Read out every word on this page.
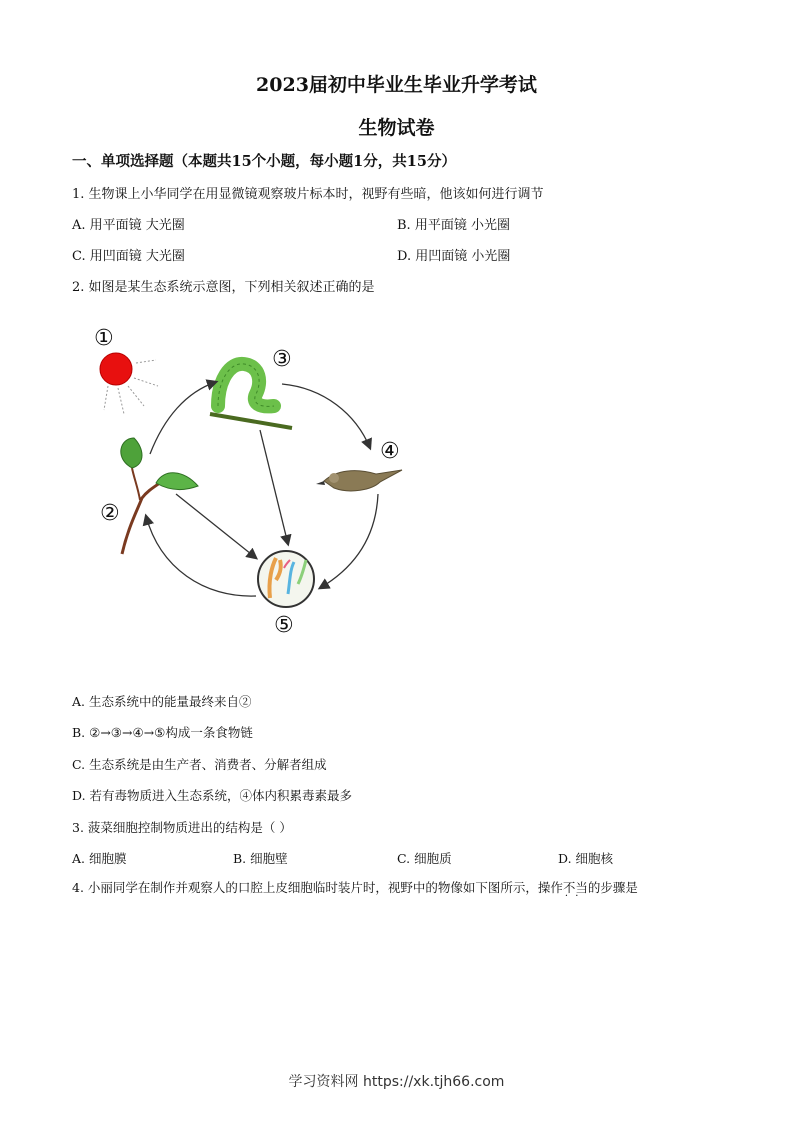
2023届初中毕业生毕业升学考试
生物试卷
一、单项选择题（本题共15个小题，每小题1分，共15分）
1. 生物课上小华同学在用显微镜观察玻片标本时，视野有些暗，他该如何进行调节
A. 用平面镜 大光圈	B. 用平面镜 小光圈
C. 用凹面镜 大光圈	D. 用凹面镜 小光圈
2. 如图是某生态系统示意图，下列相关叙述正确的是
①
②
③
④
⑤
A. 生态系统中的能量最终来自②
B. ②→③→④→⑤构成一条食物链
C. 生态系统是由生产者、消费者、分解者组成
D. 若有毒物质进入生态系统，④体内积累毒素最多
3. 菠菜细胞控制物质进出的结构是（ ）
A. 细胞膜	B. 细胞壁	C. 细胞质	D. 细胞核
4. 小丽同学在制作并观察人的口腔上皮细胞临时装片时，视野中的物像如下图所示，操作不当 · ·的步骤是
学习资料网 https://xk.tjh66.com
